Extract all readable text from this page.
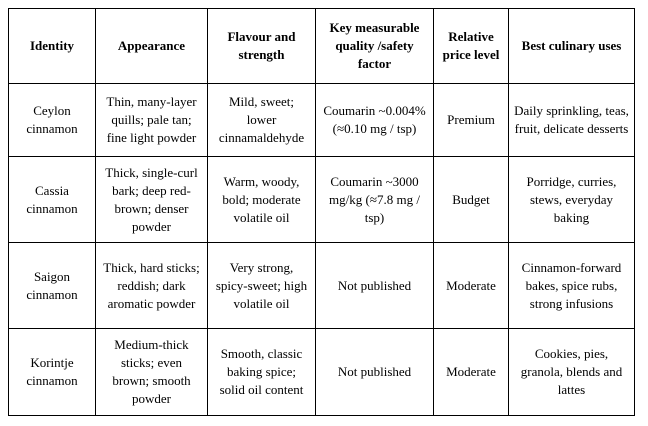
Identity	Appearance	Flavour and strength	Key measurable quality /safety factor	Relative price level	Best culinary uses
Ceylon cinnamon	Thin, many-layer quills; pale tan; fine light powder	Mild, sweet; lower cinnamaldehyde	Coumarin ~0.004% (≈0.10 mg / tsp)	Premium	Daily sprinkling, teas, fruit, delicate desserts
Cassia cinnamon	Thick, single-curl bark; deep red-brown; denser powder	Warm, woody, bold; moderate volatile oil	Coumarin ~3000 mg/kg (≈7.8 mg / tsp)	Budget	Porridge, curries, stews, everyday baking
Saigon cinnamon	Thick, hard sticks; reddish; dark aromatic powder	Very strong, spicy-sweet; high volatile oil	Not published	Moderate	Cinnamon-forward bakes, spice rubs, strong infusions
Korintje cinnamon	Medium-thick sticks; even brown; smooth powder	Smooth, classic baking spice; solid oil content	Not published	Moderate	Cookies, pies, granola, blends and lattes
